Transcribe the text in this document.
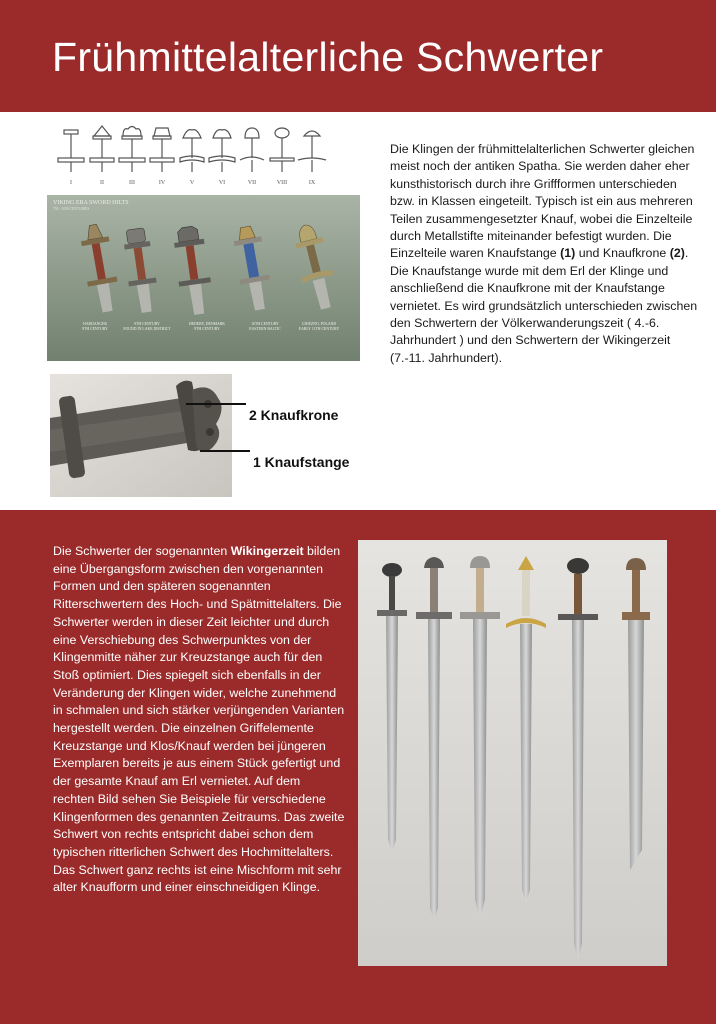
Frühmittelalterliche Schwerter
I	II	III	IV	V	VI	VII	VIII	IX
VIKING ERA SWORD HILTS
750 - 1050 CENTURIES
HARDANGER
9TH CENTURY
9TH CENTURY
FOUND IN LAKE DISTRICT
HEDEBY, DENMARK
9TH CENTURY
10TH CENTURY
EASTERN BALTIC
GNIEZNO, POLAND
EARLY 11TH CENTURY
2 Knaufkrone
1 Knaufstange
Die Klingen der frühmittelalterlichen Schwerter gleichen meist noch der antiken Spatha. Sie werden daher eher kunsthistorisch durch ihre Griffformen unterschieden bzw. in Klassen eingeteilt. Typisch ist ein aus mehreren Teilen zusammengesetzter Knauf, wobei die Einzelteile durch Metallstifte miteinander befestigt wurden. Die Einzelteile waren Knaufstange (1) und Knaufkrone (2). Die Knaufstange wurde mit dem Erl der Klinge und anschließend die Knaufkrone mit der Knaufstange vernietet. Es wird grundsätzlich unterschieden zwischen den Schwertern der Völkerwanderungszeit ( 4.-6. Jahrhundert ) und den Schwertern der Wikingerzeit (7.-11. Jahrhundert).
Die Schwerter der sogenannten Wikingerzeit bilden eine Übergangsform zwischen den vorgenannten Formen und den späteren sogenannten Ritterschwertern des Hoch- und Spätmittelalters. Die Schwerter werden in dieser Zeit leichter und durch eine Verschiebung des Schwerpunktes von der Klingenmitte näher zur Kreuzstange auch für den Stoß optimiert. Dies spiegelt sich ebenfalls in der Veränderung der Klingen wider, welche zunehmend in schmalen und sich stärker verjüngenden Varianten hergestellt werden. Die einzelnen Griffelemente Kreuzstange und Klos/Knauf werden bei jüngeren Exemplaren bereits je aus einem Stück gefertigt und der gesamte Knauf am Erl vernietet. Auf dem rechten Bild sehen Sie Beispiele für verschiedene Klingenformen des genannten Zeitraums. Das zweite Schwert von rechts entspricht dabei schon dem typischen ritterlichen Schwert des Hochmittelalters. Das Schwert ganz rechts ist eine Mischform mit sehr alter Knaufform und einer einschneidigen Klinge.
